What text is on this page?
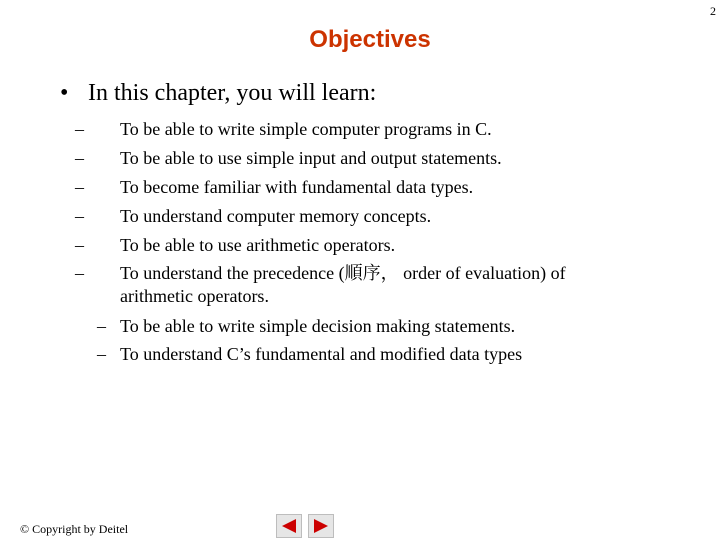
2
Objectives
• In this chapter, you will learn:
– To be able to write simple computer programs in C.
– To be able to use simple input and output statements.
– To become familiar with fundamental data types.
– To understand computer memory concepts.
– To be able to use arithmetic operators.
– To understand the precedence (順序， order of evaluation) of
arithmetic operators.
– To be able to write simple decision making statements.
– To understand C’s fundamental and modified data types
© Copyright by Deitel
